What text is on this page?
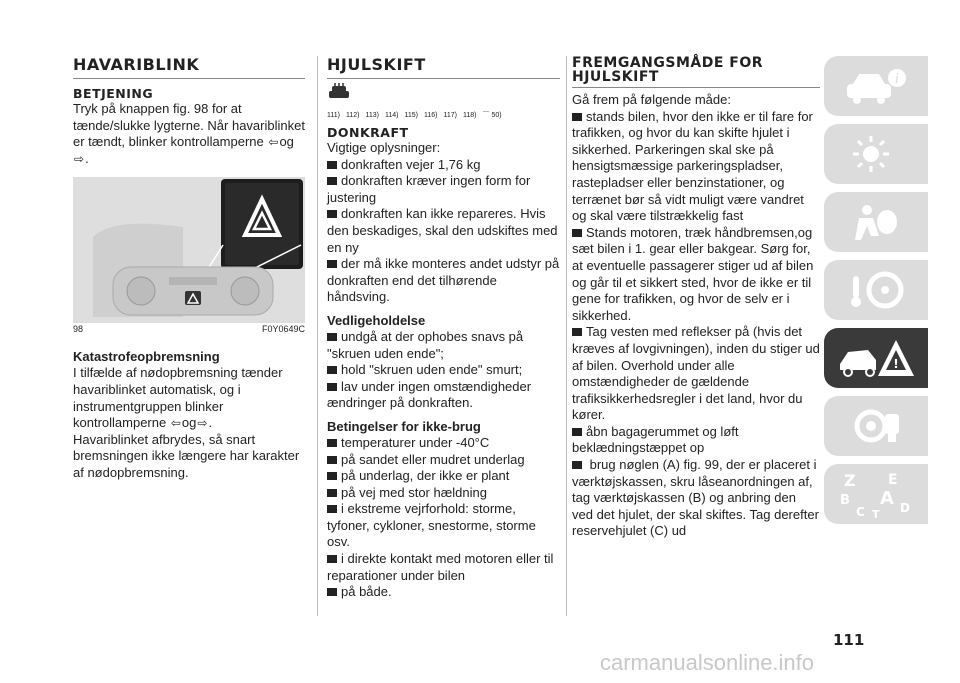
HAVARIBLINK
BETJENING

Tryk på knappen fig. 98 for at tænde/slukke lygterne. Når havariblinket er tændt, blinker kontrollamperne ⇦og⇨.

98	F0Y0649C
Katastrofeopbremsning

I tilfælde af nødopbremsning tænder havariblinket automatisk, og i instrumentgruppen blinker kontrollamperne ⇦og⇨.

Havariblinket afbrydes, så snart bremsningen ikke længere har karakter af nødopbremsning.

HJULSKIFT
111) 112) 113) 114) 115) 116) 117) 118) ⌒ 50)
DONKRAFT

Vigtige oplysninger:

donkraften vejer 1,76 kg

donkraften kræver ingen form for justering

donkraften kan ikke repareres. Hvis den beskadiges, skal den udskiftes med en ny

der må ikke monteres andet udstyr på donkraften end det tilhørende håndsving.

Vedligeholdelse

undgå at der ophobes snavs på "skruen uden ende";

hold "skruen uden ende" smurt;

lav under ingen omstændigheder ændringer på donkraften.

Betingelser for ikke-brug

temperaturer under -40°C

på sandet eller mudret underlag

på underlag, der ikke er plant

på vej med stor hældning

i ekstreme vejrforhold: storme, tyfoner, cykloner, snestorme, storme osv.

i direkte kontakt med motoren eller til reparationer under bilen

på både.

FREMGANGSMÅDE FOR
HJULSKIFT

Gå frem på følgende måde:

stands bilen, hvor den ikke er til fare for trafikken, og hvor du kan skifte hjulet i sikkerhed. Parkeringen skal ske på hensigtsmæssige parkeringspladser, rastepladser eller benzinstationer, og terrænet bør så vidt muligt være vandret og skal være tilstrækkelig fast

Stands motoren, træk håndbremsen,og sæt bilen i 1. gear eller bakgear. Sørg for, at eventuelle passagerer stiger ud af bilen og går til et sikkert sted, hvor de ikke er til gene for trafikken, og hvor de selv er i sikkerhed.

Tag vesten med reflekser på (hvis det kræves af lovgivningen), inden du stiger ud af bilen. Overhold under alle omstændigheder de gældende trafiksikkerhedsregler i det land, hvor du kører.

åbn bagagerummet og løft beklædningstæppet op

brug nøglen (A) fig. 99, der er placeret i værktøjskassen, skru låseanordningen af, tag værktøjskassen (B) og anbring den ved det hjulet, der skal skiftes. Tag derefter reservehjulet (C) ud

i
!
Z E
B A
C	D
T
111
carmanualsonline.info
